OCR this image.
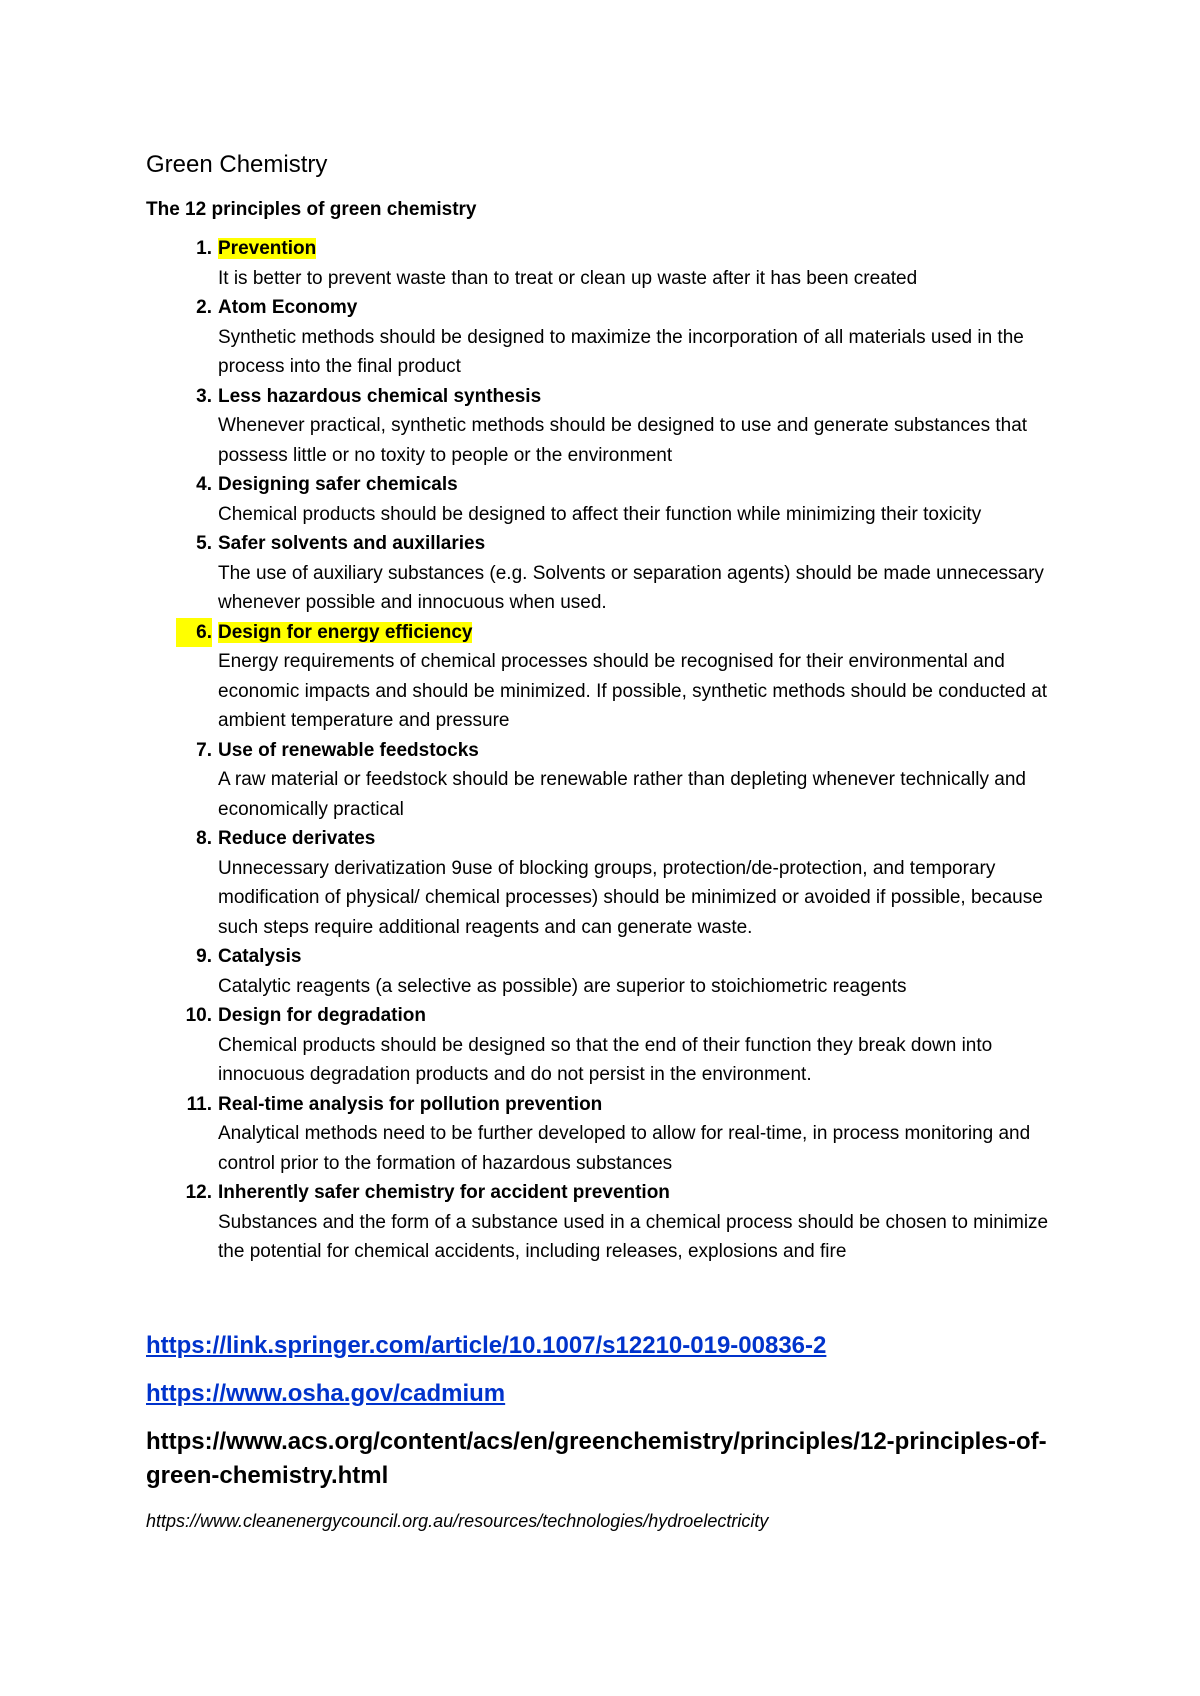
Green Chemistry
The 12 principles of green chemistry
1. Prevention
It is better to prevent waste than to treat or clean up waste after it has been created
2. Atom Economy
Synthetic methods should be designed to maximize the incorporation of all materials used in the process into the final product
3. Less hazardous chemical synthesis
Whenever practical, synthetic methods should be designed to use and generate substances that possess little or no toxity to people or the environment
4. Designing safer chemicals
Chemical products should be designed to affect their function while minimizing their toxicity
5. Safer solvents and auxillaries
The use of auxiliary substances (e.g. Solvents or separation agents) should be made unnecessary whenever possible and innocuous when used.
6. Design for energy efficiency
Energy requirements of chemical processes should be recognised for their environmental and economic impacts and should be minimized. If possible, synthetic methods should be conducted at ambient temperature and pressure
7. Use of renewable feedstocks
A raw material or feedstock should be renewable rather than depleting whenever technically and economically practical
8. Reduce derivates
Unnecessary derivatization 9use of blocking groups, protection/de-protection, and temporary modification of physical/ chemical processes) should be minimized or avoided if possible, because such steps require additional reagents and can generate waste.
9. Catalysis
Catalytic reagents (a selective as possible) are superior to stoichiometric reagents
10. Design for degradation
Chemical products should be designed so that the end of their function they break down into innocuous degradation products and do not persist in the environment.
11. Real-time analysis for pollution prevention
Analytical methods need to be further developed to allow for real-time, in process monitoring and control prior to the formation of hazardous substances
12. Inherently safer chemistry for accident prevention
Substances and the form of a substance used in a chemical process should be chosen to minimize the potential for chemical accidents, including releases, explosions and fire
https://link.springer.com/article/10.1007/s12210-019-00836-2
https://www.osha.gov/cadmium
https://www.acs.org/content/acs/en/greenchemistry/principles/12-principles-of-green-chemistry.html
https://www.cleanenergycouncil.org.au/resources/technologies/hydroelectricity
